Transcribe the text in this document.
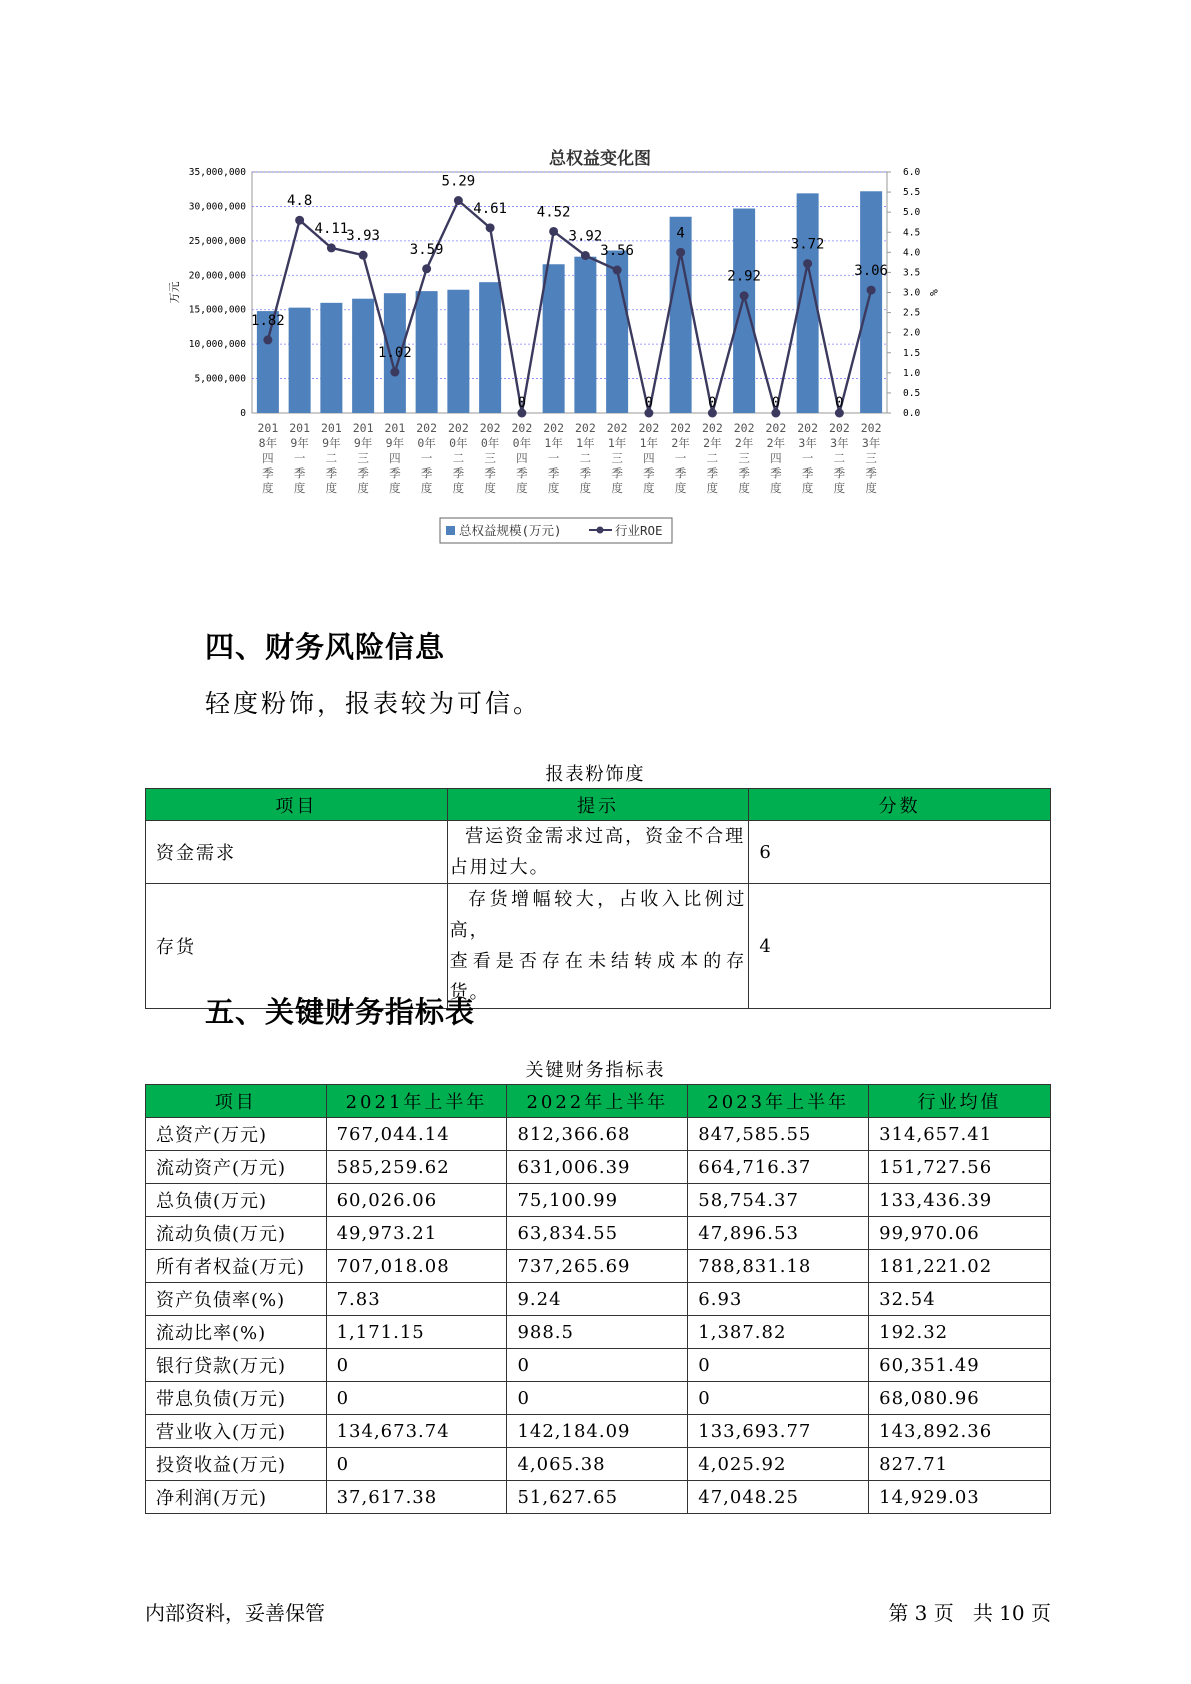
总权益变化图
0
5,000,000
10,000,000
15,000,000
20,000,000
25,000,000
30,000,000
35,000,000
0.0
0.5
1.0
1.5
2.0
2.5
3.0
3.5
4.0
4.5
5.0
5.5
6.0
万元	%
1.82
4.8
4.11
3.93
1.02
3.59
5.29
4.61
0
4.52
3.92
3.56
0
4
0
2.92
0
3.72
0
3.06
201 8年四季度
201 9年一季度
201 9年二季度
201 9年三季度
201 9年四季度
202 0年一季度
202 0年二季度
202 0年三季度
202 0年四季度
202 1年一季度
202 1年二季度
202 1年三季度
202 1年四季度
202 2年一季度
202 2年二季度
202 2年三季度
202 2年四季度
202 3年一季度
202 3年二季度
202 3年三季度
总权益规模(万元)	行业ROE
四、财务风险信息
轻度粉饰，报表较为可信。
报表粉饰度
项目	提示	分数
资金需求	营运资金需求过高，资金不合理
占用过大。	6
存货	存货增幅较大，占收入比例过高，
查看是否存在未结转成本的存货。	4
五、关键财务指标表
关键财务指标表
项目	2021年上半年	2022年上半年	2023年上半年	行业均值
总资产(万元)	767,044.14	812,366.68	847,585.55	314,657.41
流动资产(万元)	585,259.62	631,006.39	664,716.37	151,727.56
总负债(万元)	60,026.06	75,100.99	58,754.37	133,436.39
流动负债(万元)	49,973.21	63,834.55	47,896.53	99,970.06
所有者权益(万元)	707,018.08	737,265.69	788,831.18	181,221.02
资产负债率(%)	7.83	9.24	6.93	32.54
流动比率(%)	1,171.15	988.5	1,387.82	192.32
银行贷款(万元)	0	0	0	60,351.49
带息负债(万元)	0	0	0	68,080.96
营业收入(万元)	134,673.74	142,184.09	133,693.77	143,892.36
投资收益(万元)	0	4,065.38	4,025.92	827.71
净利润(万元)	37,617.38	51,627.65	47,048.25	14,929.03
内部资料，妥善保管	第 3 页   共 10 页
